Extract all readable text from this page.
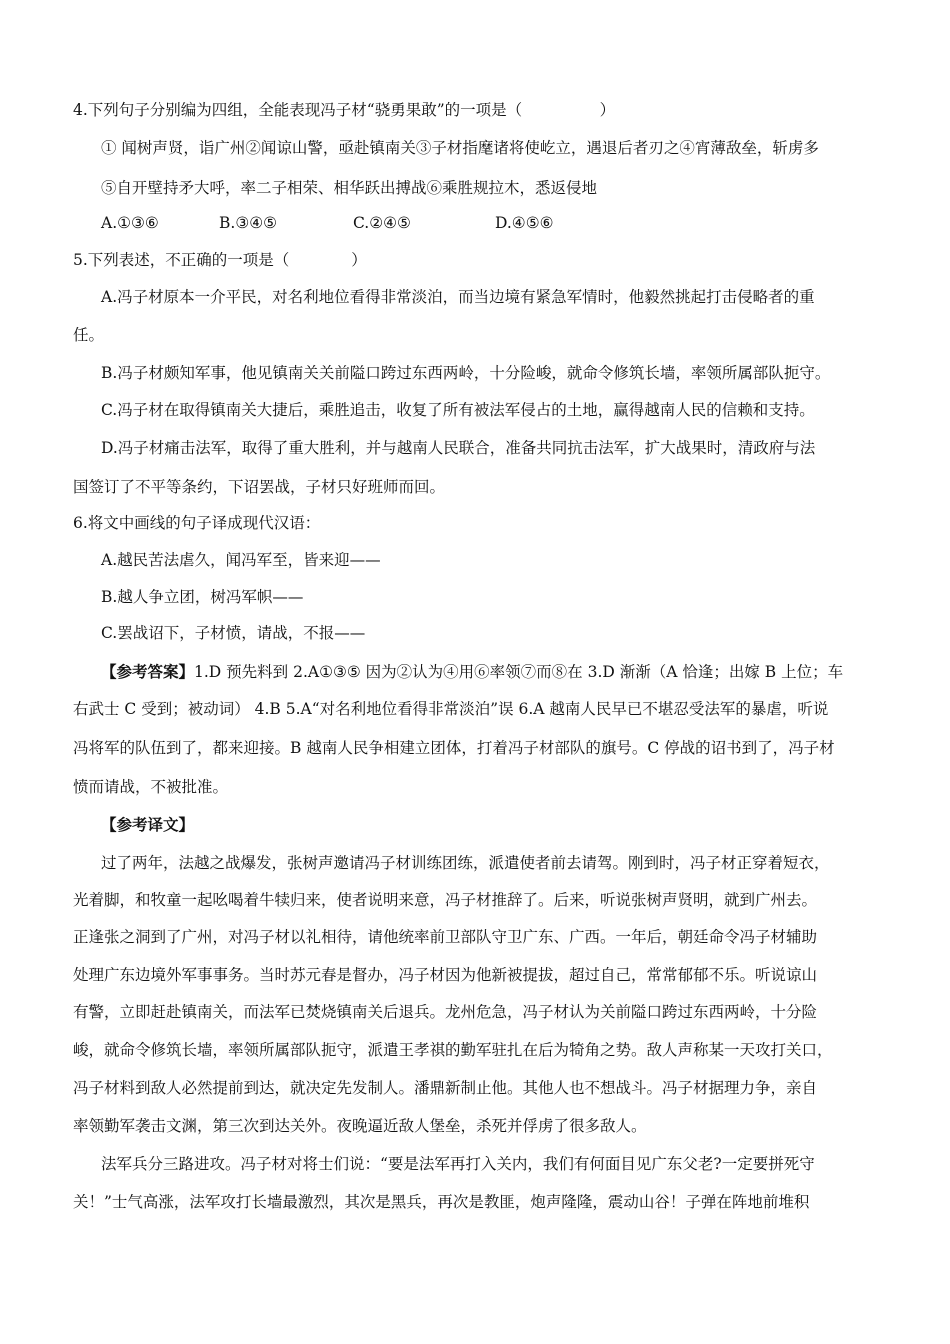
4.下列句子分别编为四组，全能表现冯子材“骁勇果敢”的一项是（　　　　　）
① 闻树声贤，诣广州②闻谅山警，亟赴镇南关③子材指麾诸将使屹立，遇退后者刃之④宵薄敌垒，斩虏多
⑤自开壁持矛大呼，率二子相荣、相华跃出搏战⑥乘胜规拉木，悉返侵地
A.①③⑥	B.③④⑤	C.②④⑤	D.④⑤⑥
5.下列表述，不正确的一项是（　　　　）
A.冯子材原本一介平民，对名利地位看得非常淡泊，而当边境有紧急军情时，他毅然挑起打击侵略者的重
任。
B.冯子材颇知军事，他见镇南关关前隘口跨过东西两岭，十分险峻，就命令修筑长墙，率领所属部队扼守。
C.冯子材在取得镇南关大捷后，乘胜追击，收复了所有被法军侵占的土地，赢得越南人民的信赖和支持。
D.冯子材痛击法军，取得了重大胜利，并与越南人民联合，准备共同抗击法军，扩大战果时，清政府与法
国签订了不平等条约，下诏罢战，子材只好班师而回。
6.将文中画线的句子译成现代汉语：
A.越民苦法虐久，闻冯军至，皆来迎——
B.越人争立团，树冯军帜——
C.罢战诏下，子材愤，请战，不报——
【参考答案】1.D 预先料到 2.A①③⑤ 因为②认为④用⑥率领⑦而⑧在 3.D 渐渐（A 恰逢；出嫁 B 上位；车
右武士 C 受到；被动词） 4.B 5.A“对名利地位看得非常淡泊”误 6.A 越南人民早已不堪忍受法军的暴虐，听说
冯将军的队伍到了，都来迎接。B 越南人民争相建立团体，打着冯子材部队的旗号。C 停战的诏书到了，冯子材
愤而请战，不被批准。
【参考译文】
过了两年，法越之战爆发，张树声邀请冯子材训练团练，派遣使者前去请驾。刚到时，冯子材正穿着短衣，
光着脚，和牧童一起吆喝着牛犊归来，使者说明来意，冯子材推辞了。后来，听说张树声贤明，就到广州去。
正逢张之洞到了广州，对冯子材以礼相待，请他统率前卫部队守卫广东、广西。一年后，朝廷命令冯子材辅助
处理广东边境外军事事务。当时苏元春是督办，冯子材因为他新被提拔，超过自己，常常郁郁不乐。听说谅山
有警，立即赶赴镇南关，而法军已焚烧镇南关后退兵。龙州危急，冯子材认为关前隘口跨过东西两岭，十分险
峻，就命令修筑长墙，率领所属部队扼守，派遣王孝祺的勤军驻扎在后为犄角之势。敌人声称某一天攻打关口，
冯子材料到敌人必然提前到达，就决定先发制人。潘鼎新制止他。其他人也不想战斗。冯子材据理力争，亲自
率领勤军袭击文渊，第三次到达关外。夜晚逼近敌人堡垒，杀死并俘虏了很多敌人。
法军兵分三路进攻。冯子材对将士们说：“要是法军再打入关内，我们有何面目见广东父老?一定要拼死守
关！”士气高涨，法军攻打长墙最激烈，其次是黑兵，再次是教匪，炮声隆隆，震动山谷！子弹在阵地前堆积
